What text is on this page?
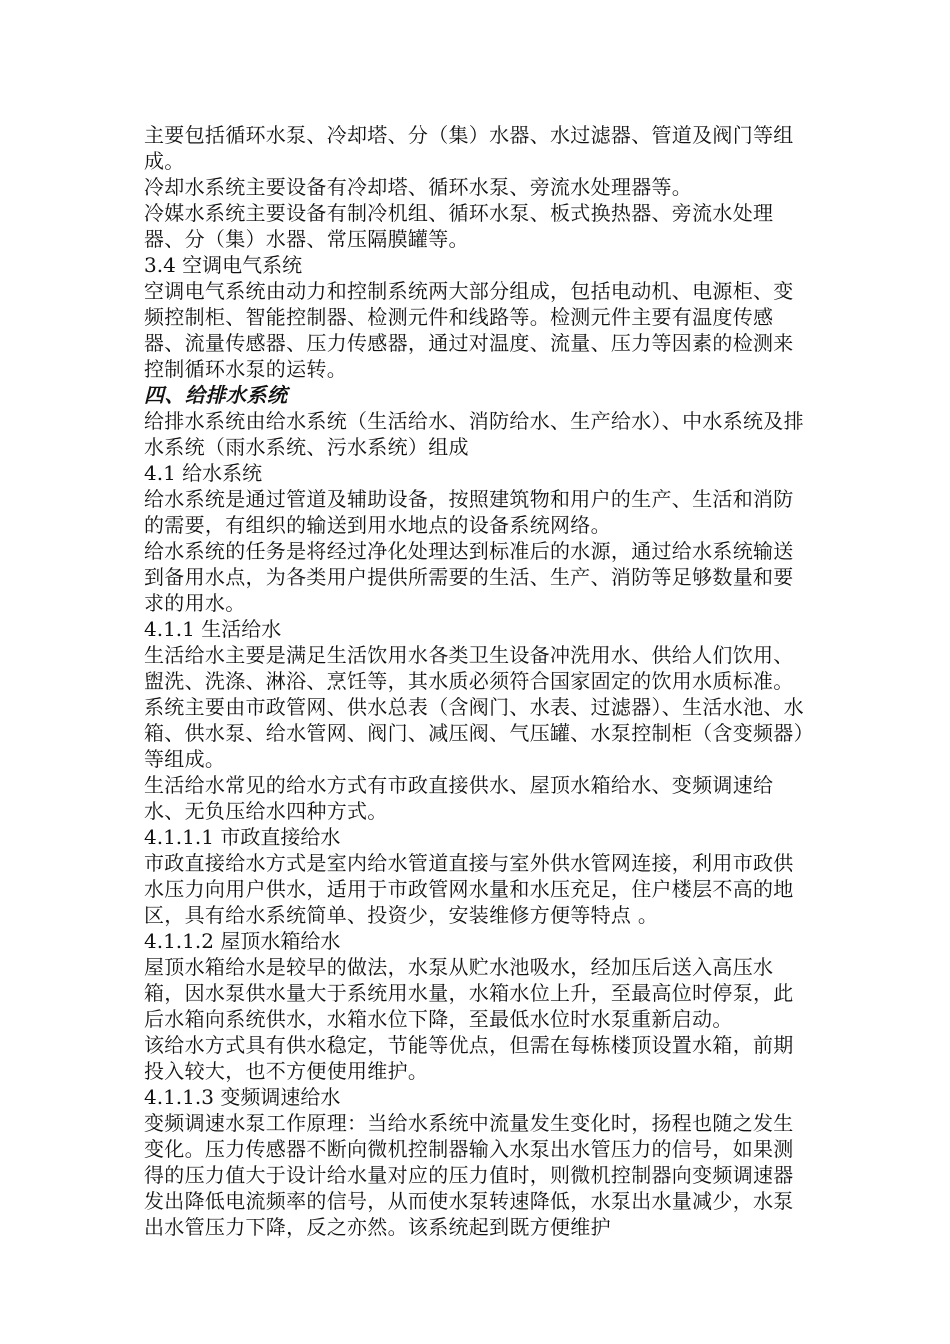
主要包括循环水泵、冷却塔、分（集）水器、水过滤器、管道及阀门等组成。

冷却水系统主要设备有冷却塔、循环水泵、旁流水处理器等。

冷媒水系统主要设备有制冷机组、循环水泵、板式换热器、旁流水处理器、分（集）水器、常压隔膜罐等。

3.4 空调电气系统

空调电气系统由动力和控制系统两大部分组成，包括电动机、电源柜、变频控制柜、智能控制器、检测元件和线路等。检测元件主要有温度传感器、流量传感器、压力传感器，通过对温度、流量、压力等因素的检测来控制循环水泵的运转。

四、给排水系统

给排水系统由给水系统（生活给水、消防给水、生产给水）、中水系统及排水系统（雨水系统、污水系统）组成

4.1 给水系统

给水系统是通过管道及辅助设备，按照建筑物和用户的生产、生活和消防的需要，有组织的输送到用水地点的设备系统网络。

给水系统的任务是将经过净化处理达到标准后的水源，通过给水系统输送到备用水点，为各类用户提供所需要的生活、生产、消防等足够数量和要求的用水。

4.1.1 生活给水

生活给水主要是满足生活饮用水各类卫生设备冲洗用水、供给人们饮用、盥洗、洗涤、淋浴、烹饪等，其水质必须符合国家固定的饮用水质标准。系统主要由市政管网、供水总表（含阀门、水表、过滤器）、生活水池、水箱、供水泵、给水管网、阀门、减压阀、气压罐、水泵控制柜（含变频器）等组成。

生活给水常见的给水方式有市政直接供水、屋顶水箱给水、变频调速给水、无负压给水四种方式。

4.1.1.1 市政直接给水

市政直接给水方式是室内给水管道直接与室外供水管网连接，利用市政供水压力向用户供水，适用于市政管网水量和水压充足，住户楼层不高的地区，具有给水系统简单、投资少，安装维修方便等特点 。

4.1.1.2 屋顶水箱给水

屋顶水箱给水是较早的做法，水泵从贮水池吸水，经加压后送入高压水箱，因水泵供水量大于系统用水量，水箱水位上升，至最高位时停泵，此后水箱向系统供水，水箱水位下降，至最低水位时水泵重新启动。

该给水方式具有供水稳定，节能等优点，但需在每栋楼顶设置水箱，前期投入较大，也不方便使用维护。

4.1.1.3 变频调速给水

变频调速水泵工作原理：当给水系统中流量发生变化时，扬程也随之发生变化。压力传感器不断向微机控制器输入水泵出水管压力的信号，如果测得的压力值大于设计给水量对应的压力值时，则微机控制器向变频调速器发出降低电流频率的信号，从而使水泵转速降低，水泵出水量减少，水泵出水管压力下降，反之亦然。该系统起到既方便维护
